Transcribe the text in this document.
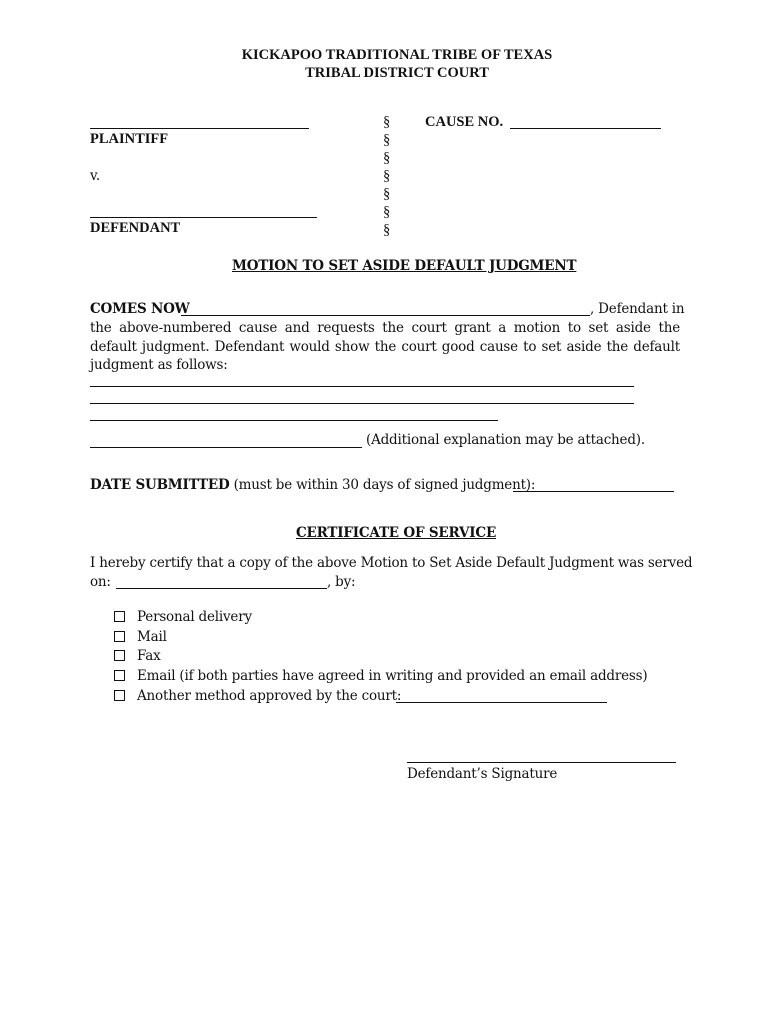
KICKAPOO TRADITIONAL TRIBE OF TEXAS
TRIBAL DISTRICT COURT
PLAINTIFF
v.
DEFENDANT
§
§
§
§
§
§
§
CAUSE NO.
MOTION TO SET ASIDE DEFAULT JUDGMENT
COMES NOW	, Defendant in
the above-numbered cause and requests the court grant a motion to set aside the default judgment. Defendant would show the court good cause to set aside the default judgment as follows:
(Additional explanation may be attached).
DATE SUBMITTED (must be within 30 days of signed judgment):
CERTIFICATE OF SERVICE
I hereby certify that a copy of the above Motion to Set Aside Default Judgment was served
on:	, by:
Personal delivery
Mail
Fax
Email (if both parties have agreed in writing and provided an email address)
Another method approved by the court:
Defendant’s Signature
